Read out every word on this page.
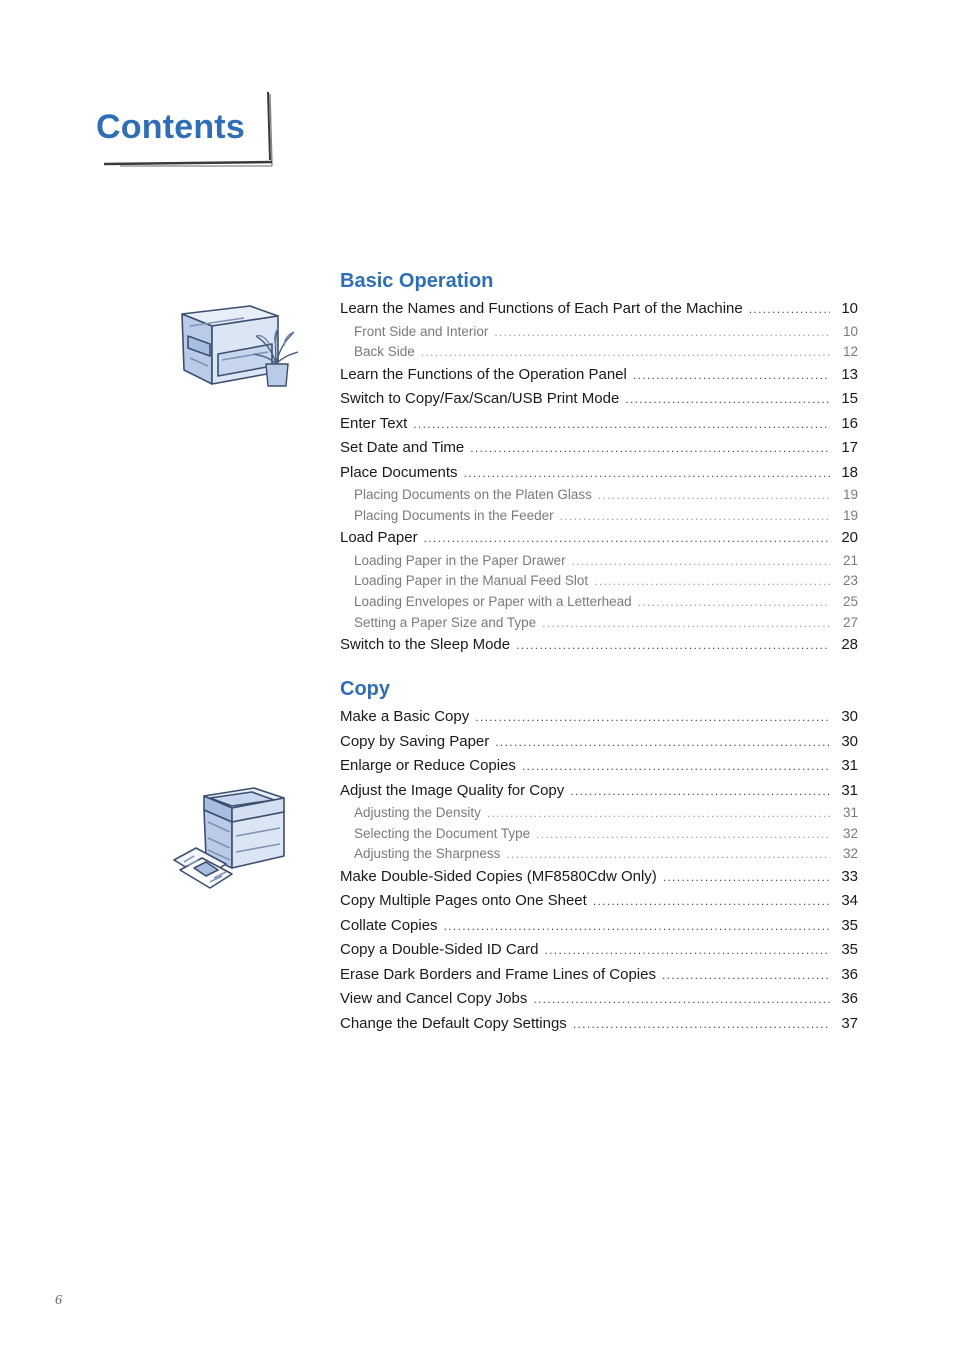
Contents
Basic Operation
Learn the Names and Functions of Each Part of the Machine . . .	10
Front Side and Interior . . .	10
Back Side . . .	12
Learn the Functions of the Operation Panel . . .	13
Switch to Copy/Fax/Scan/USB Print Mode . . .	15
Enter Text . . .	16
Set Date and Time . . .	17
Place Documents . . .	18
Placing Documents on the Platen Glass . . .	19
Placing Documents in the Feeder . . .	19
Load Paper . . .	20
Loading Paper in the Paper Drawer . . .	21
Loading Paper in the Manual Feed Slot . . .	23
Loading Envelopes or Paper with a Letterhead . . .	25
Setting a Paper Size and Type . . .	27
Switch to the Sleep Mode . . .	28
Copy
Make a Basic Copy . . .	30
Copy by Saving Paper . . .	30
Enlarge or Reduce Copies . . .	31
Adjust the Image Quality for Copy . . .	31
Adjusting the Density . . .	31
Selecting the Document Type . . .	32
Adjusting the Sharpness . . .	32
Make Double-Sided Copies (MF8580Cdw Only) . . .	33
Copy Multiple Pages onto One Sheet . . .	34
Collate Copies . . .	35
Copy a Double-Sided ID Card . . .	35
Erase Dark Borders and Frame Lines of Copies . . .	36
View and Cancel Copy Jobs . . .	36
Change the Default Copy Settings . . .	37
6
